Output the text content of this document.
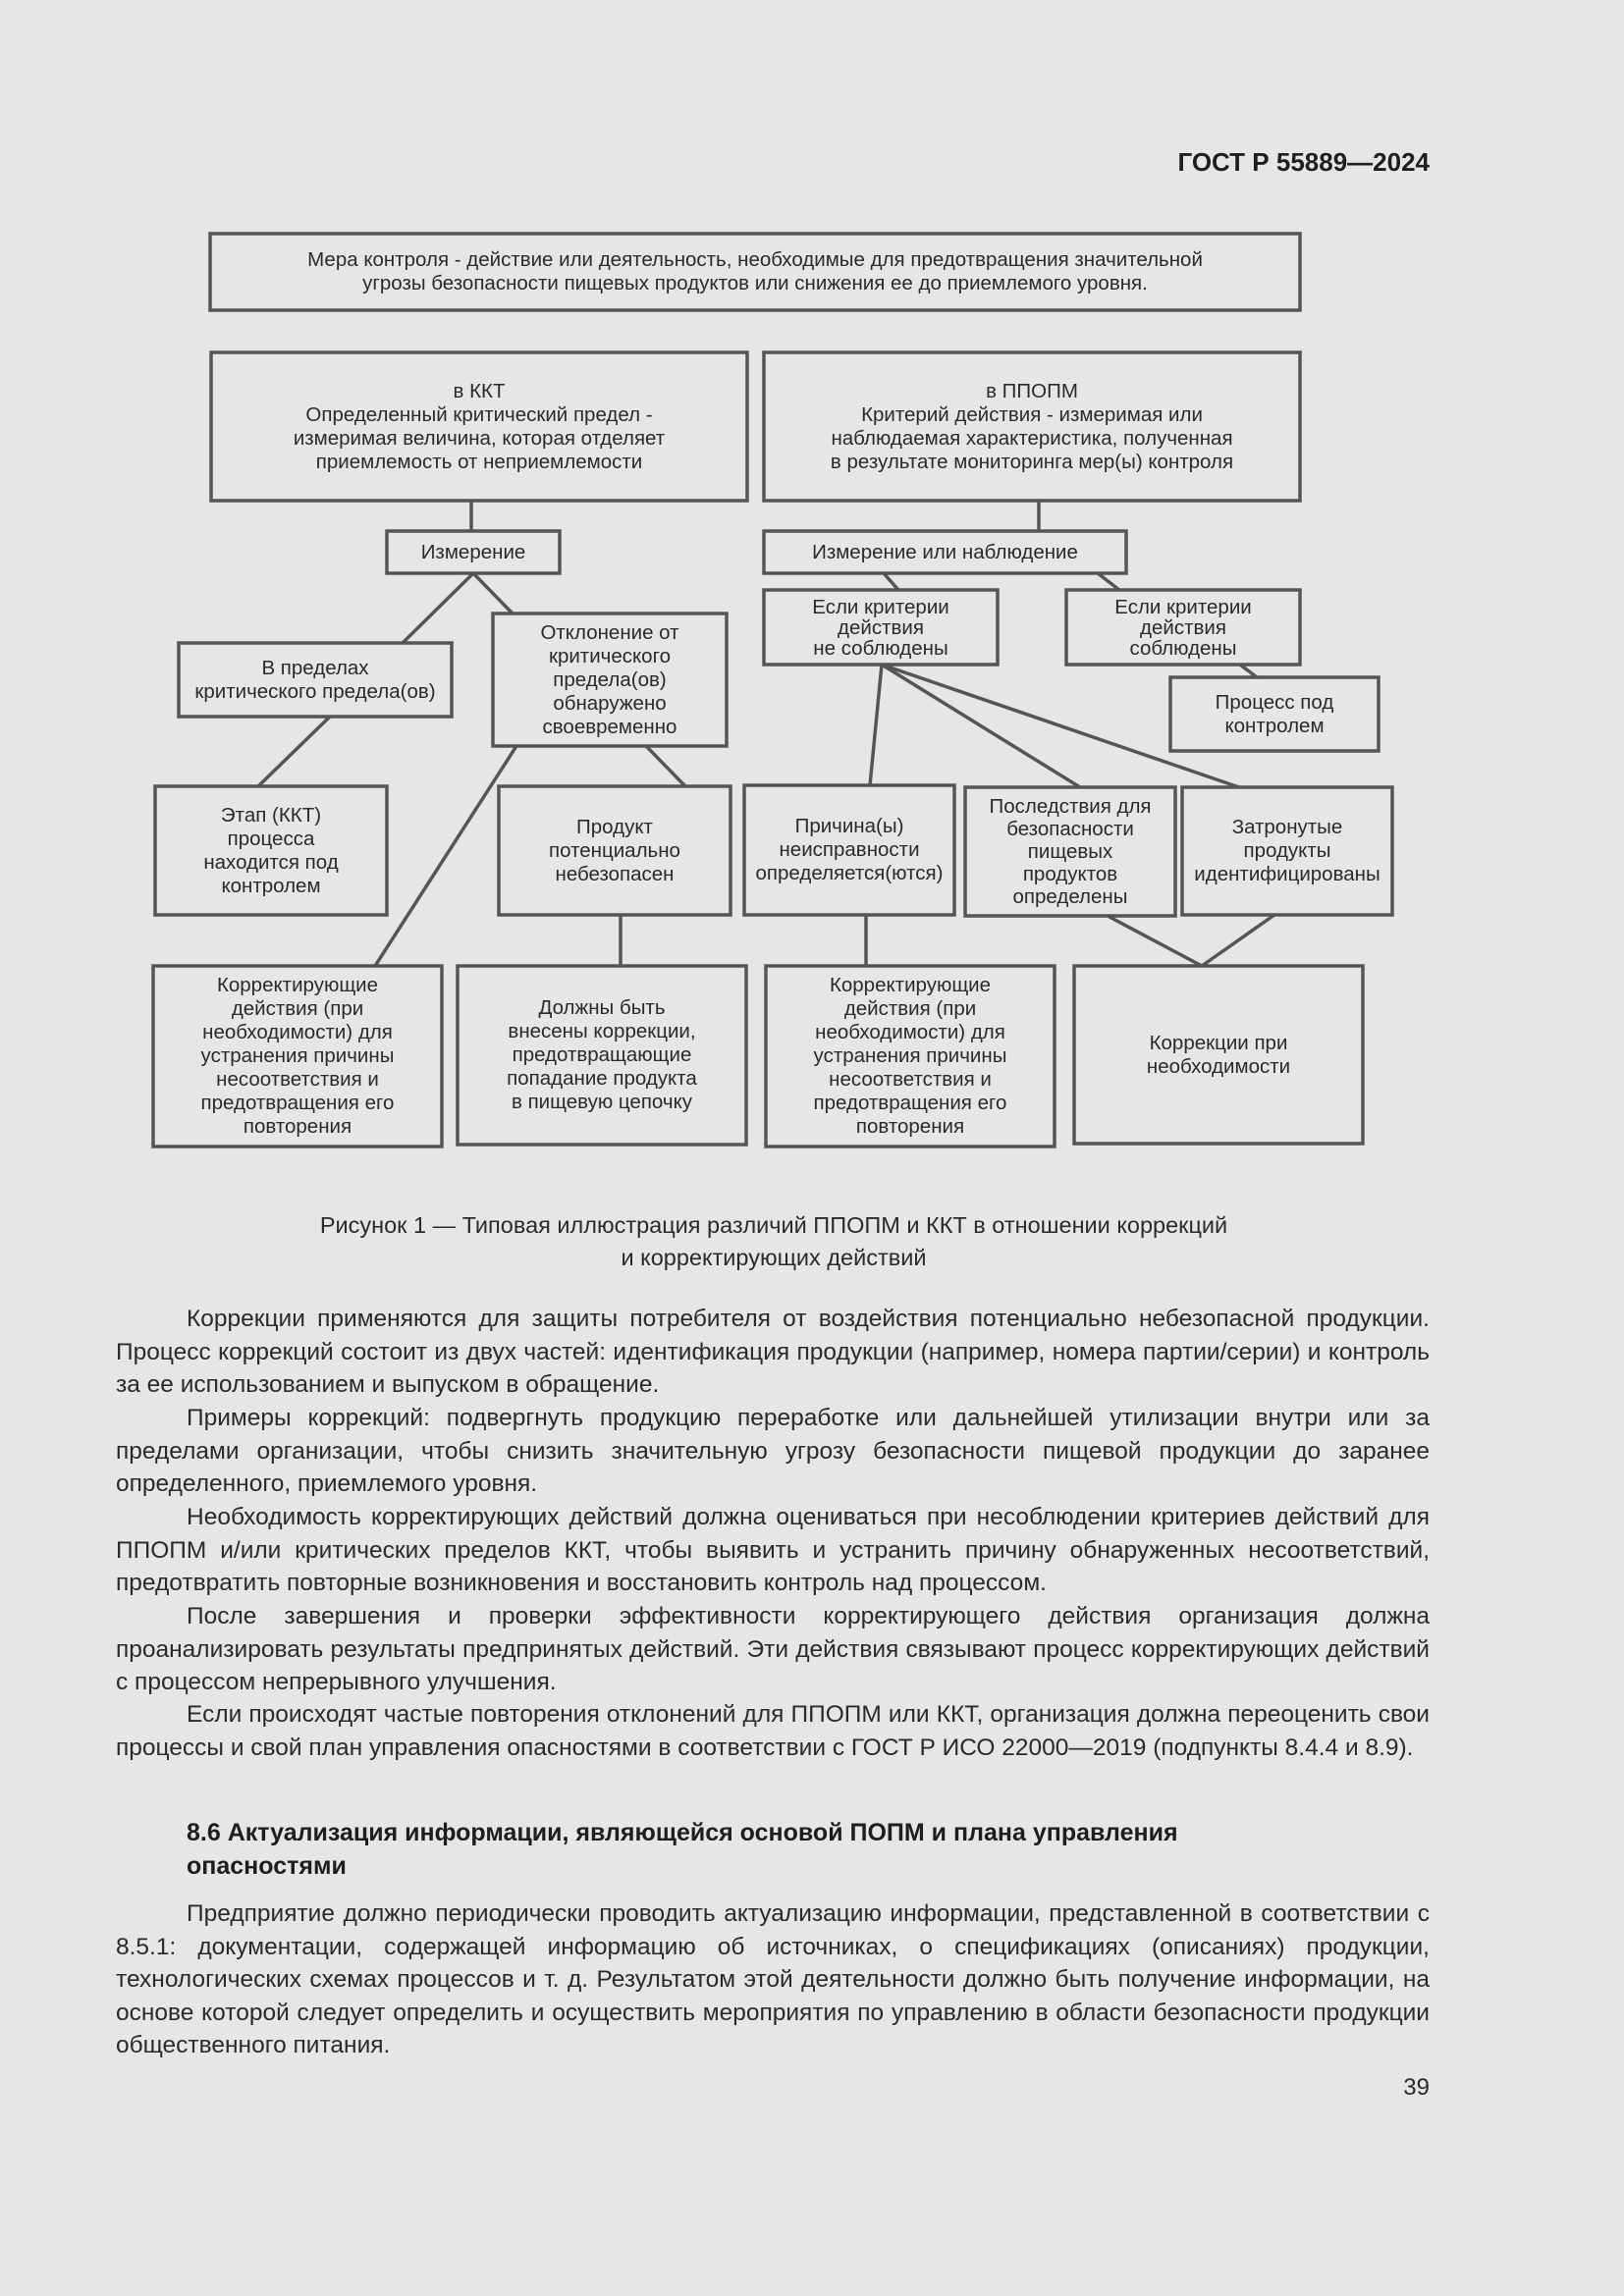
ГОСТ Р 55889—2024
Мера контроля - действие или деятельность, необходимые для предотвращения значительной
угрозы безопасности пищевых продуктов или снижения ее до приемлемого уровня.
в ККТ
Определенный критический предел -
измеримая величина, которая отделяет
приемлемость от неприемлемости
в ППОПМ
Критерий действия - измеримая или
наблюдаемая характеристика, полученная
в результате мониторинга мер(ы) контроля
Измерение	Измерение или наблюдение
В пределах
критического предела(ов)
Отклонение от
критического
предела(ов)
обнаружено
своевременно
Если критерии
действия
не соблюдены
Если критерии
действия
соблюдены
Процесс под
контролем
Этап (ККТ)
процесса
находится под
контролем
Продукт
потенциально
небезопасен
Причина(ы)
неисправности
определяется(ются)
Последствия для
безопасности
пищевых
продуктов
определены
Затронутые
продукты
идентифицированы
Корректирующие
действия (при
необходимости) для
устранения причины
несоответствия и
предотвращения его
повторения
Должны быть
внесены коррекции,
предотвращающие
попадание продукта
в пищевую цепочку
Корректирующие
действия (при
необходимости) для
устранения причины
несоответствия и
предотвращения его
повторения
Коррекции при
необходимости
Рисунок 1 — Типовая иллюстрация различий ППОПМ и ККТ в отношении коррекций
и корректирующих действий

Коррекции применяются для защиты потребителя от воздействия потенциально небезопасной продукции. Процесс коррекций состоит из двух частей: идентификация продукции (например, номера партии/серии) и контроль за ее использованием и выпуском в обращение.

Примеры коррекций: подвергнуть продукцию переработке или дальнейшей утилизации внутри или за пределами организации, чтобы снизить значительную угрозу безопасности пищевой продукции до заранее определенного, приемлемого уровня.

Необходимость корректирующих действий должна оцениваться при несоблюдении критериев действий для ППОПМ и/или критических пределов ККТ, чтобы выявить и устранить причину обнаруженных несоответствий, предотвратить повторные возникновения и восстановить контроль над процессом.

После завершения и проверки эффективности корректирующего действия организация должна проанализировать результаты предпринятых действий. Эти действия связывают процесс корректирующих действий с процессом непрерывного улучшения.

Если происходят частые повторения отклонений для ППОПМ или ККТ, организация должна переоценить свои процессы и свой план управления опасностями в соответствии с ГОСТ Р ИСО 22000—2019 (подпункты 8.4.4 и 8.9).

8.6 Актуализация информации, являющейся основой ПОПМ и плана управления опасностями

Предприятие должно периодически проводить актуализацию информации, представленной в соответствии с 8.5.1: документации, содержащей информацию об источниках, о спецификациях (описаниях) продукции, технологических схемах процессов и т. д. Результатом этой деятельности должно быть получение информации, на основе которой следует определить и осуществить мероприятия по управлению в области безопасности продукции общественного питания.

39
